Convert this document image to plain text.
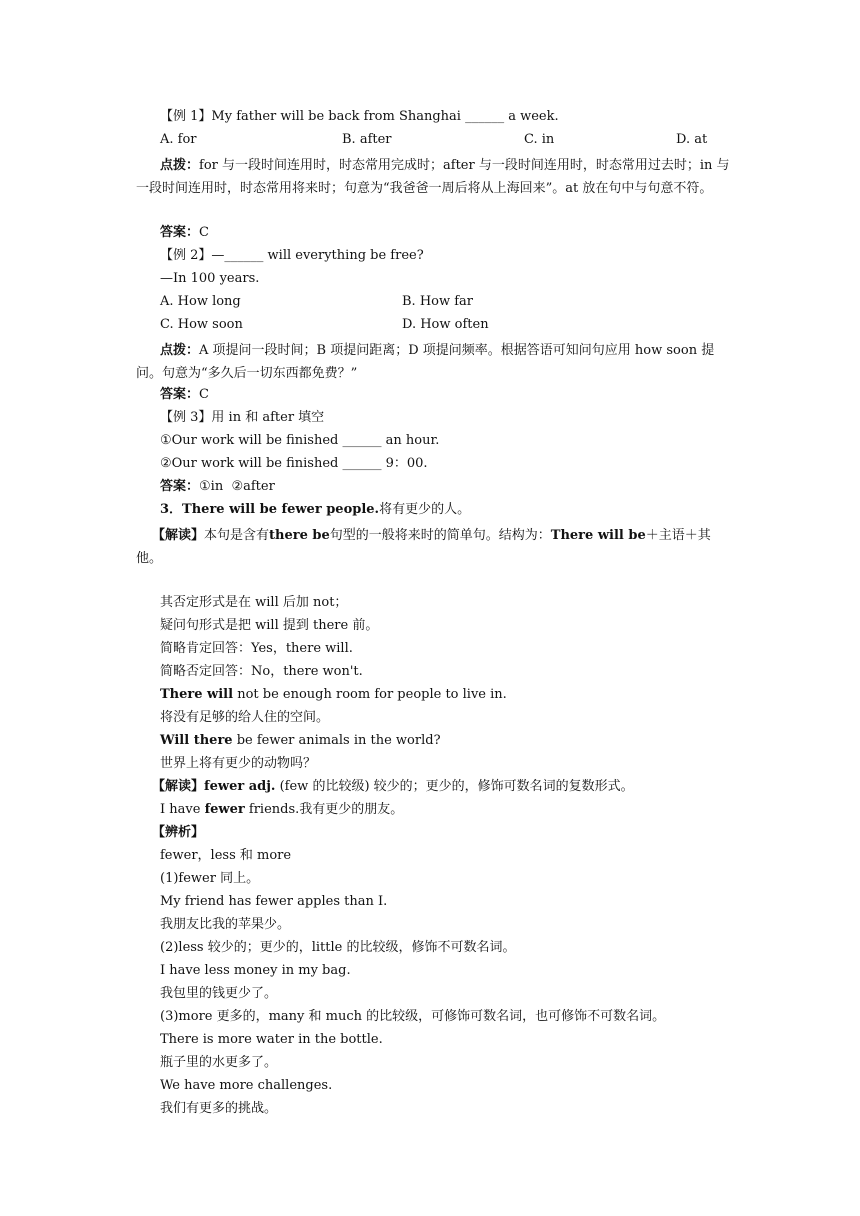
【例 1】My father will be back from Shanghai ______ a week.
A. for	B. after	C. in	D. at
点拨：for 与一段时间连用时，时态常用完成时；after 与一段时间连用时，时态常用过去时；in 与一段时间连用时，时态常用将来时；句意为“我爸爸一周后将从上海回来”。at 放在句中与句意不符。
答案：C
【例 2】—______ will everything be free?
—In 100 years.
A. How long	B. How far
C. How soon	D. How often
点拨：A 项提问一段时间；B 项提问距离；D 项提问频率。根据答语可知问句应用 how soon 提问。句意为“多久后一切东西都免费？”
答案：C
【例 3】用 in 和 after 填空
①Our work will be finished ______ an hour.
②Our work will be finished ______ 9：00.
答案：①in  ②after
3．There will be fewer people.将有更少的人。
【解读】本句是含有there be句型的一般将来时的简单句。结构为：There will be＋主语＋其他。
其否定形式是在 will 后加 not；
疑问句形式是把 will 提到 there 前。
简略肯定回答：Yes，there will.
简略否定回答：No，there won't.
There will not be enough room for people to live in.
将没有足够的给人住的空间。
Will there be fewer animals in the world?
世界上将有更少的动物吗？
【解读】fewer adj. (few 的比较级) 较少的；更少的，修饰可数名词的复数形式。
I have fewer friends.我有更少的朋友。
【辨析】
fewer，less 和 more
(1)fewer 同上。
My friend has fewer apples than I.
我朋友比我的苹果少。
(2)less 较少的；更少的，little 的比较级，修饰不可数名词。
I have less money in my bag.
我包里的钱更少了。
(3)more 更多的，many 和 much 的比较级，可修饰可数名词，也可修饰不可数名词。
There is more water in the bottle.
瓶子里的水更多了。
We have more challenges.
我们有更多的挑战。
